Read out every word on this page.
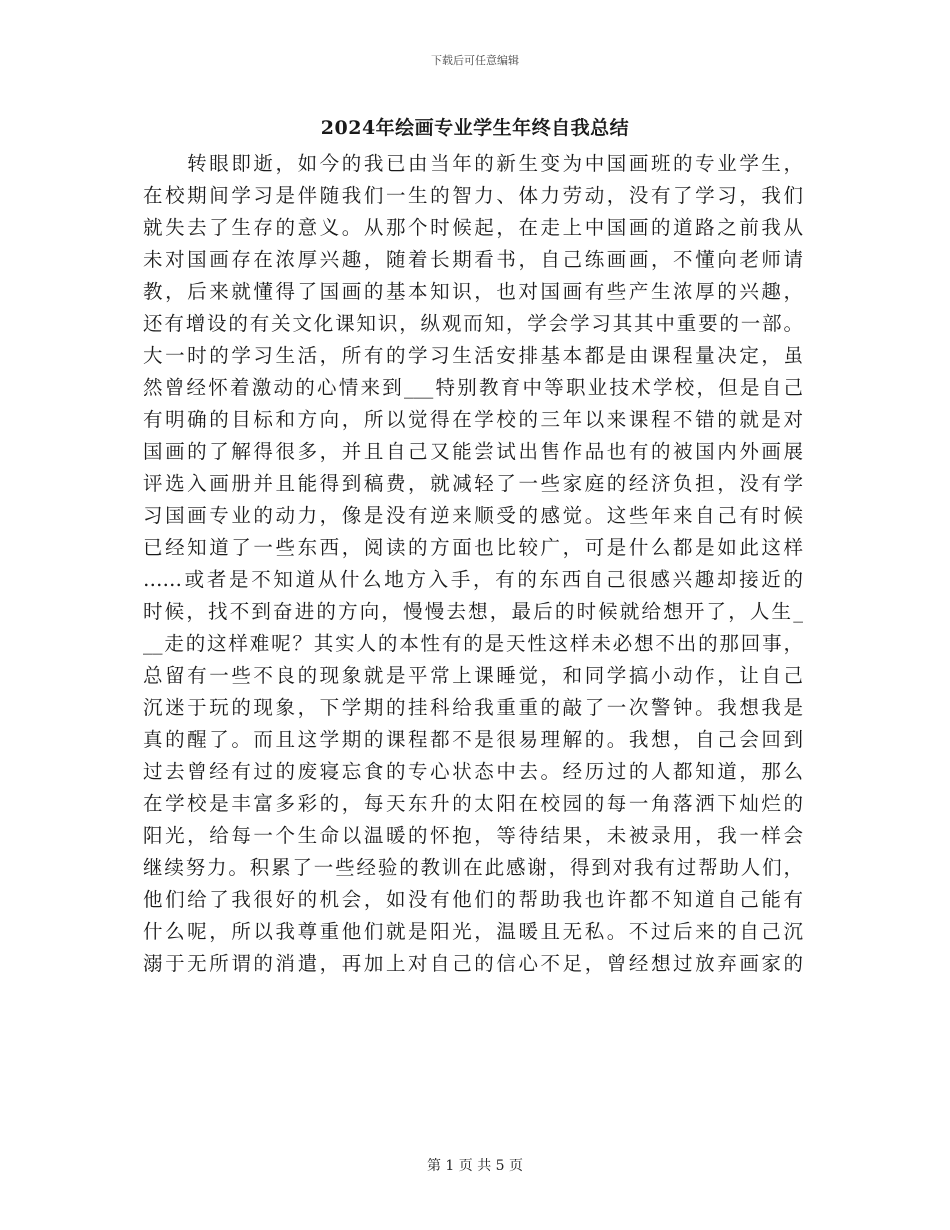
下载后可任意编辑
2024年绘画专业学生年终自我总结
　　转眼即逝，如今的我已由当年的新生变为中国画班的专业学生，
在校期间学习是伴随我们一生的智力、体力劳动，没有了学习，我们
就失去了生存的意义。从那个时候起，在走上中国画的道路之前我从
未对国画存在浓厚兴趣，随着长期看书，自己练画画，不懂向老师请
教，后来就懂得了国画的基本知识，也对国画有些产生浓厚的兴趣，
还有增设的有关文化课知识，纵观而知，学会学习其其中重要的一部。
大一时的学习生活，所有的学习生活安排基本都是由课程量决定，虽
然曾经怀着激动的心情来到___特别教育中等职业技术学校，但是自己
有明确的目标和方向，所以觉得在学校的三年以来课程不错的就是对
国画的了解得很多，并且自己又能尝试出售作品也有的被国内外画展
评选入画册并且能得到稿费，就减轻了一些家庭的经济负担，没有学
习国画专业的动力，像是没有逆来顺受的感觉。这些年来自己有时候
已经知道了一些东西，阅读的方面也比较广，可是什么都是如此这样
……或者是不知道从什么地方入手，有的东西自己很感兴趣却接近的
时候，找不到奋进的方向，慢慢去想，最后的时候就给想开了，人生_
__走的这样难呢？其实人的本性有的是天性这样未必想不出的那回事，
总留有一些不良的现象就是平常上课睡觉，和同学搞小动作，让自己
沉迷于玩的现象，下学期的挂科给我重重的敲了一次警钟。我想我是
真的醒了。而且这学期的课程都不是很易理解的。我想，自己会回到
过去曾经有过的废寝忘食的专心状态中去。经历过的人都知道，那么
在学校是丰富多彩的，每天东升的太阳在校园的每一角落洒下灿烂的
阳光，给每一个生命以温暖的怀抱，等待结果，未被录用，我一样会
继续努力。积累了一些经验的教训在此感谢，得到对我有过帮助人们，
他们给了我很好的机会，如没有他们的帮助我也许都不知道自己能有
什么呢，所以我尊重他们就是阳光，温暖且无私。不过后来的自己沉
溺于无所谓的消遣，再加上对自己的信心不足，曾经想过放弃画家的
第 1 页 共 5 页
